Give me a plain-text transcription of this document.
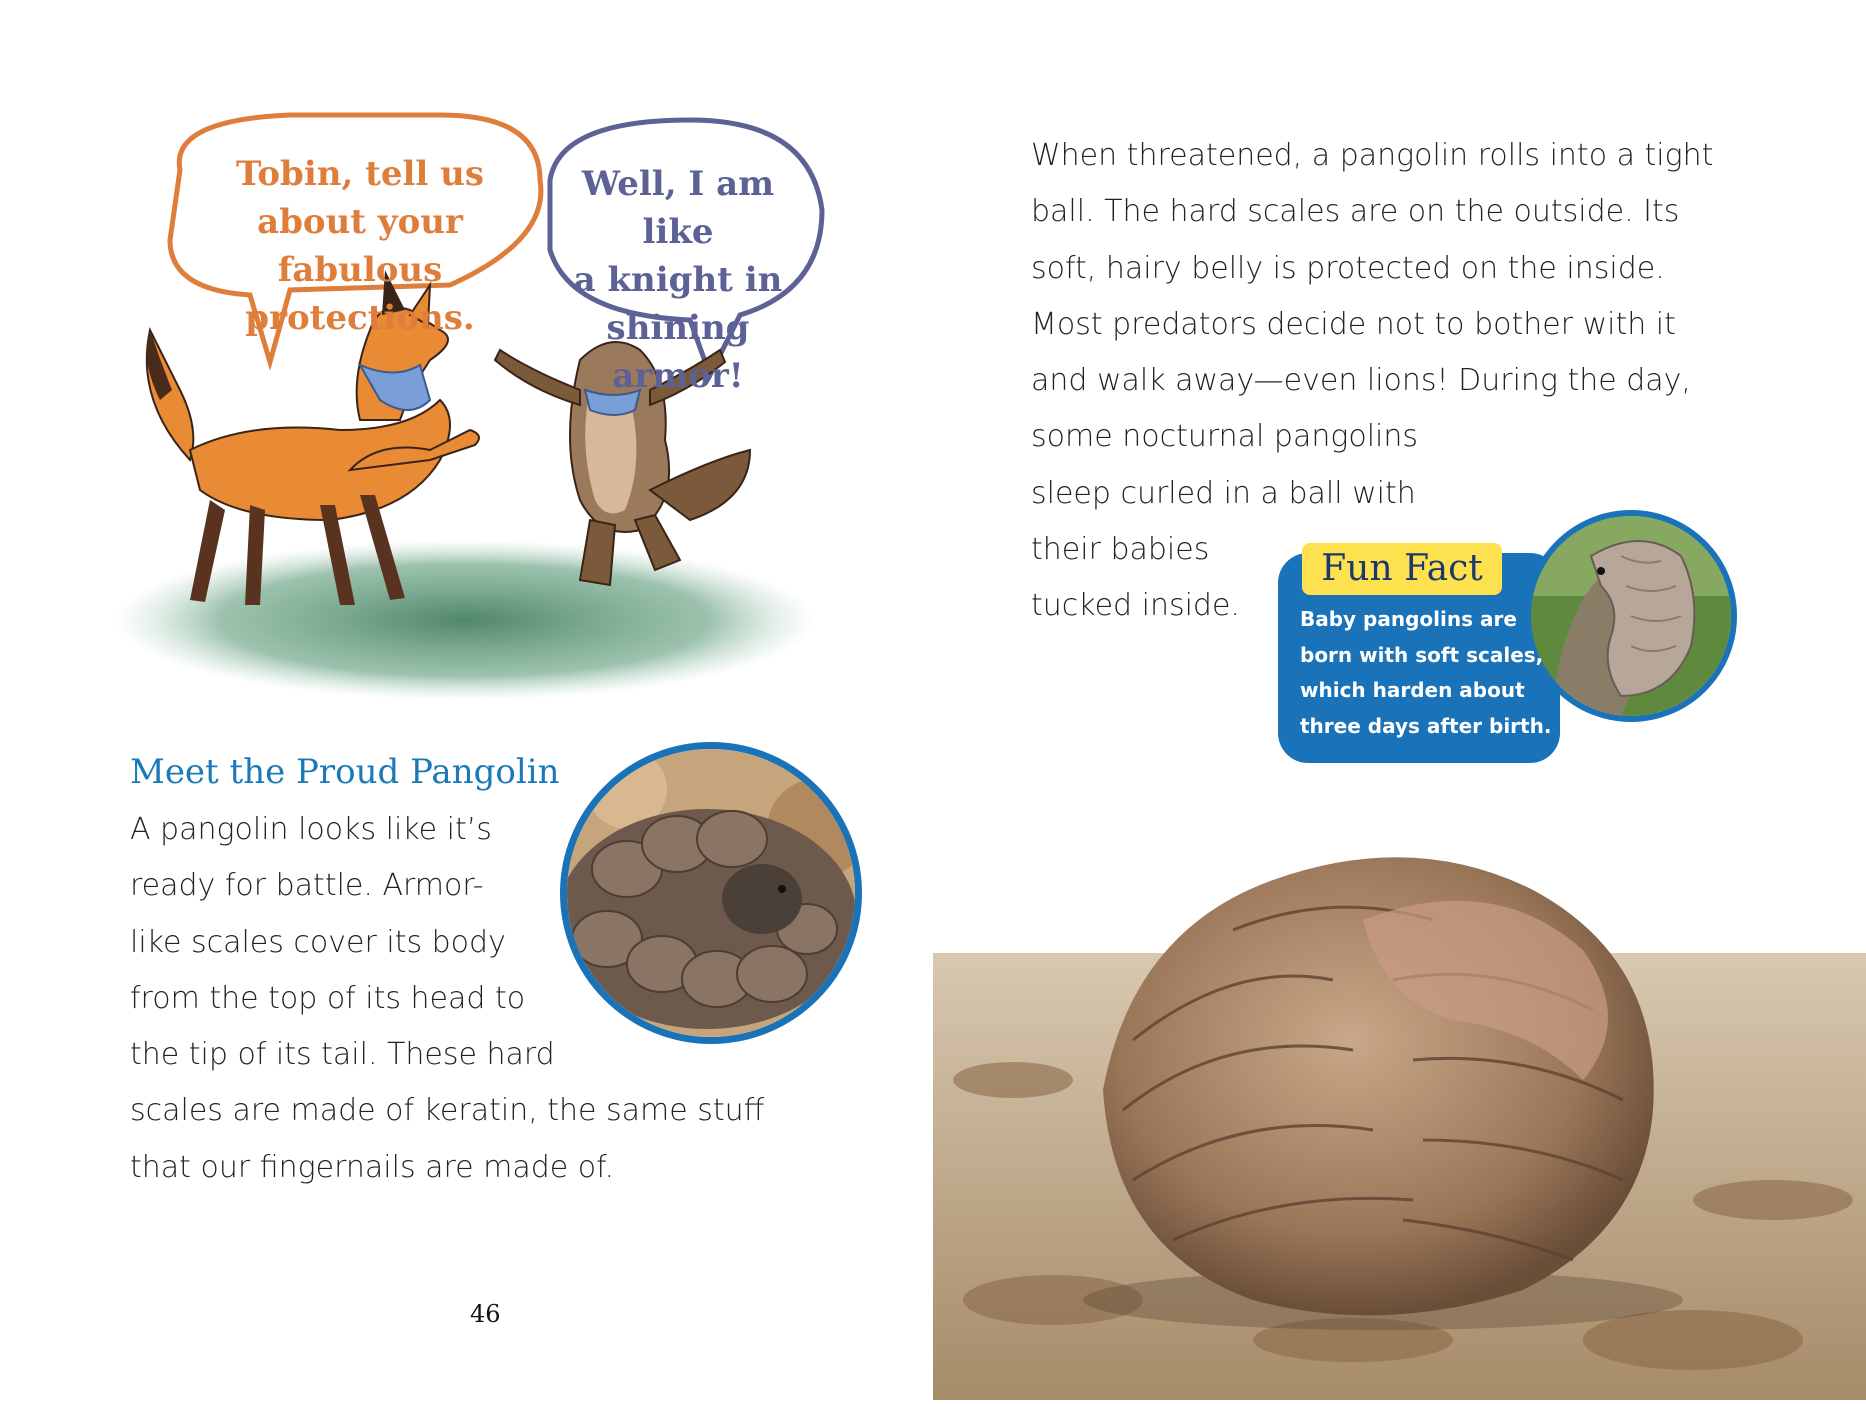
Tobin, tell us
about your
fabulous protections.
Well, I am like
a knight in
shining armor!
Meet the Proud Pangolin
A pangolin looks like it’s
ready for battle. Armor-
like scales cover its body
from the top of its head to
the tip of its tail. These hard
scales are made of keratin, the same stuff
that our fingernails are made of.
When threatened, a pangolin rolls into a tight
ball. The hard scales are on the outside. Its
soft, hairy belly is protected on the inside.
Most predators decide not to bother with it
and walk away—even lions! During the day,
some nocturnal pangolins
sleep curled in a ball with
their babies
tucked inside.
Fun Fact
Baby pangolins are
born with soft scales,
which harden about
three days after birth.
46
